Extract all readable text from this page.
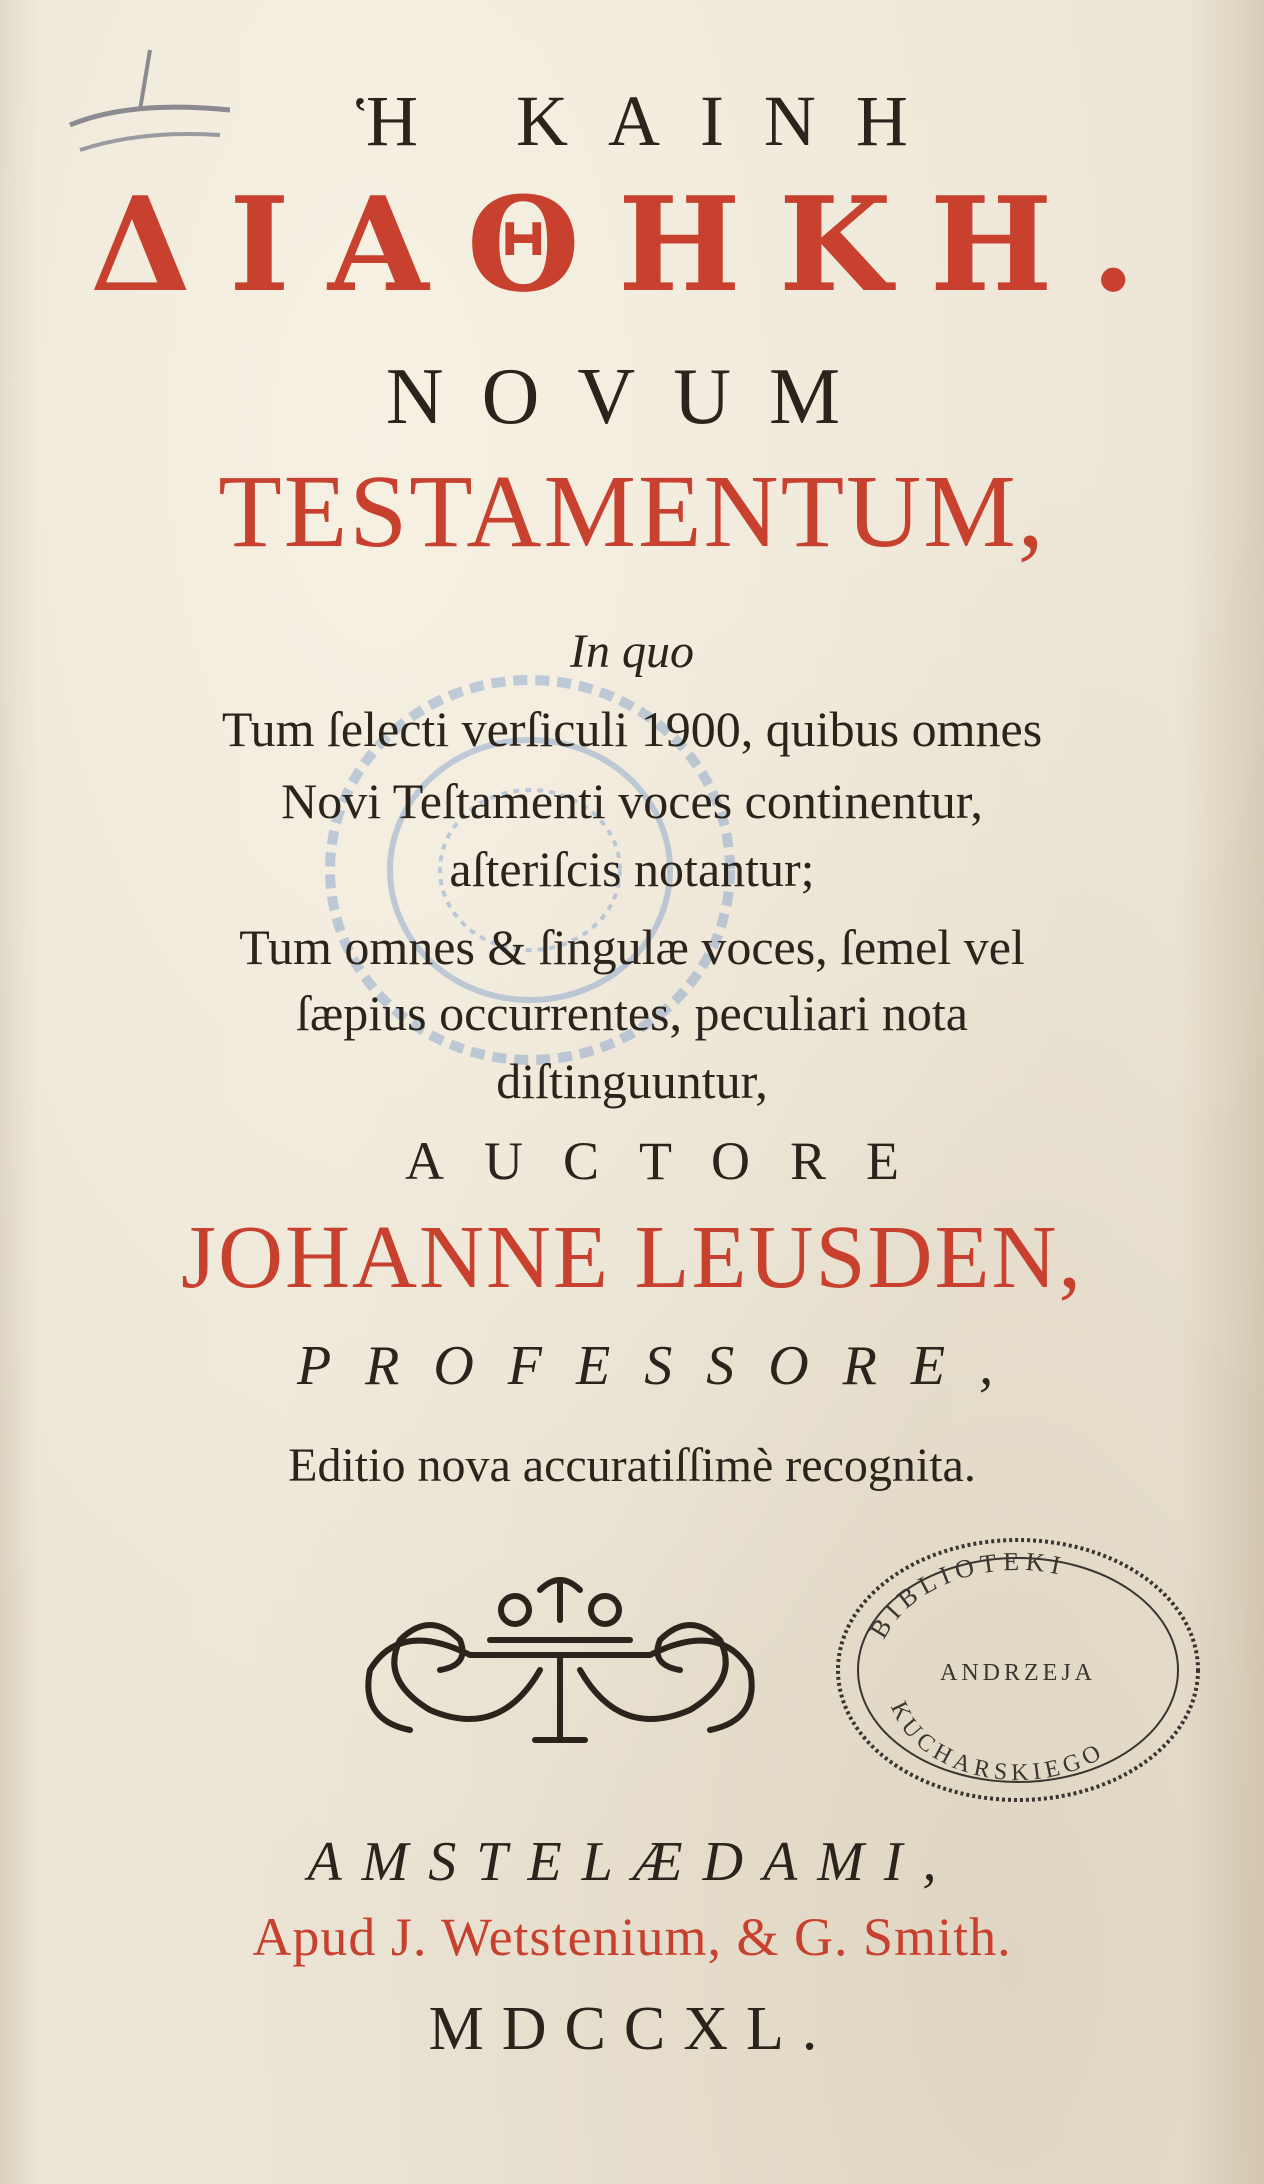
Ἡ ΚΑΙΝΗ
ΔΙΑΘΗΚΗ.
NOVUM
TESTAMENTUM,
In quo
Tum ſelecti verſiculi 1900, quibus omnes
Novi Teſtamenti voces continentur,
aſteriſcis notantur;
Tum omnes & ſingulæ voces, ſemel vel
ſæpius occurrentes, peculiari nota
diſtinguuntur,
AUCTORE
JOHANNE LEUSDEN,
PROFESSORE,
Editio nova accuratiſſimè recognita.
BIBLIOTEKI
ANDRZEJA
KUCHARSKIEGO
AMSTELÆDAMI,
Apud J. Wetstenium, & G. Smith.
MDCCXL.
